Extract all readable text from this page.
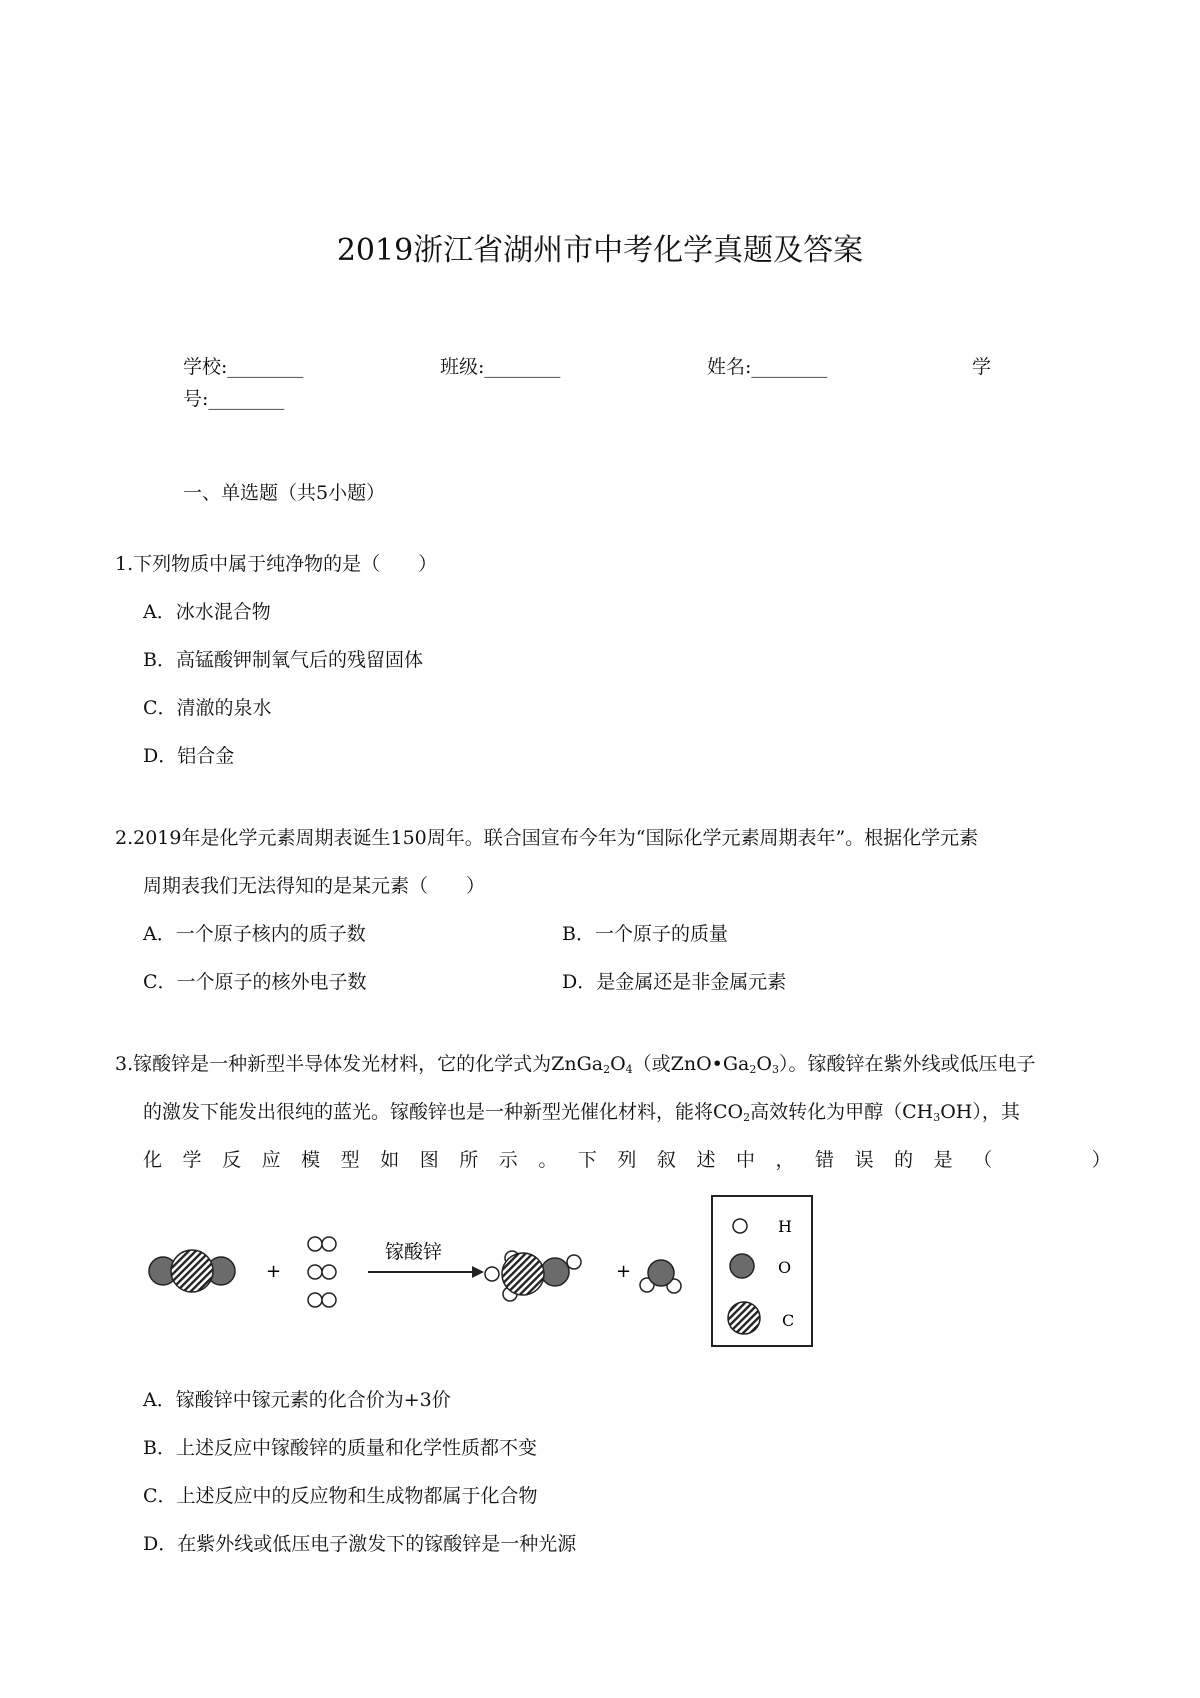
2019浙江省湖州市中考化学真题及答案
学校:________	班级:________	姓名:________	学
号:________
一、单选题（共5小题）
1.下列物质中属于纯净物的是（　　）
A．冰水混合物
B．高锰酸钾制氧气后的残留固体
C．清澈的泉水
D．铝合金
2.2019年是化学元素周期表诞生150周年。联合国宣布今年为“国际化学元素周期表年”。根据化学元素
周期表我们无法得知的是某元素（　　）
A．一个原子核内的质子数	B．一个原子的质量
C．一个原子的核外电子数	D．是金属还是非金属元素
3.镓酸锌是一种新型半导体发光材料，它的化学式为$ZnGa_2O_4$（或$ZnO•Ga_2O_3$）。镓酸锌在紫外线或低压电子
的激发下能发出很纯的蓝光。镓酸锌也是一种新型光催化材料，能将$CO_2$高效转化为甲醇$(CH_3OH)$，其
化 学 反 应 模 型 如 图 所 示 。 下 列 叙 述 中 ， 错 误 的 是 （

　	）
+
镓酸锌
+
H
O
C
A．镓酸锌中镓元素的化合价为+3价
B．上述反应中镓酸锌的质量和化学性质都不变
C．上述反应中的反应物和生成物都属于化合物
D．在紫外线或低压电子激发下的镓酸锌是一种光源
